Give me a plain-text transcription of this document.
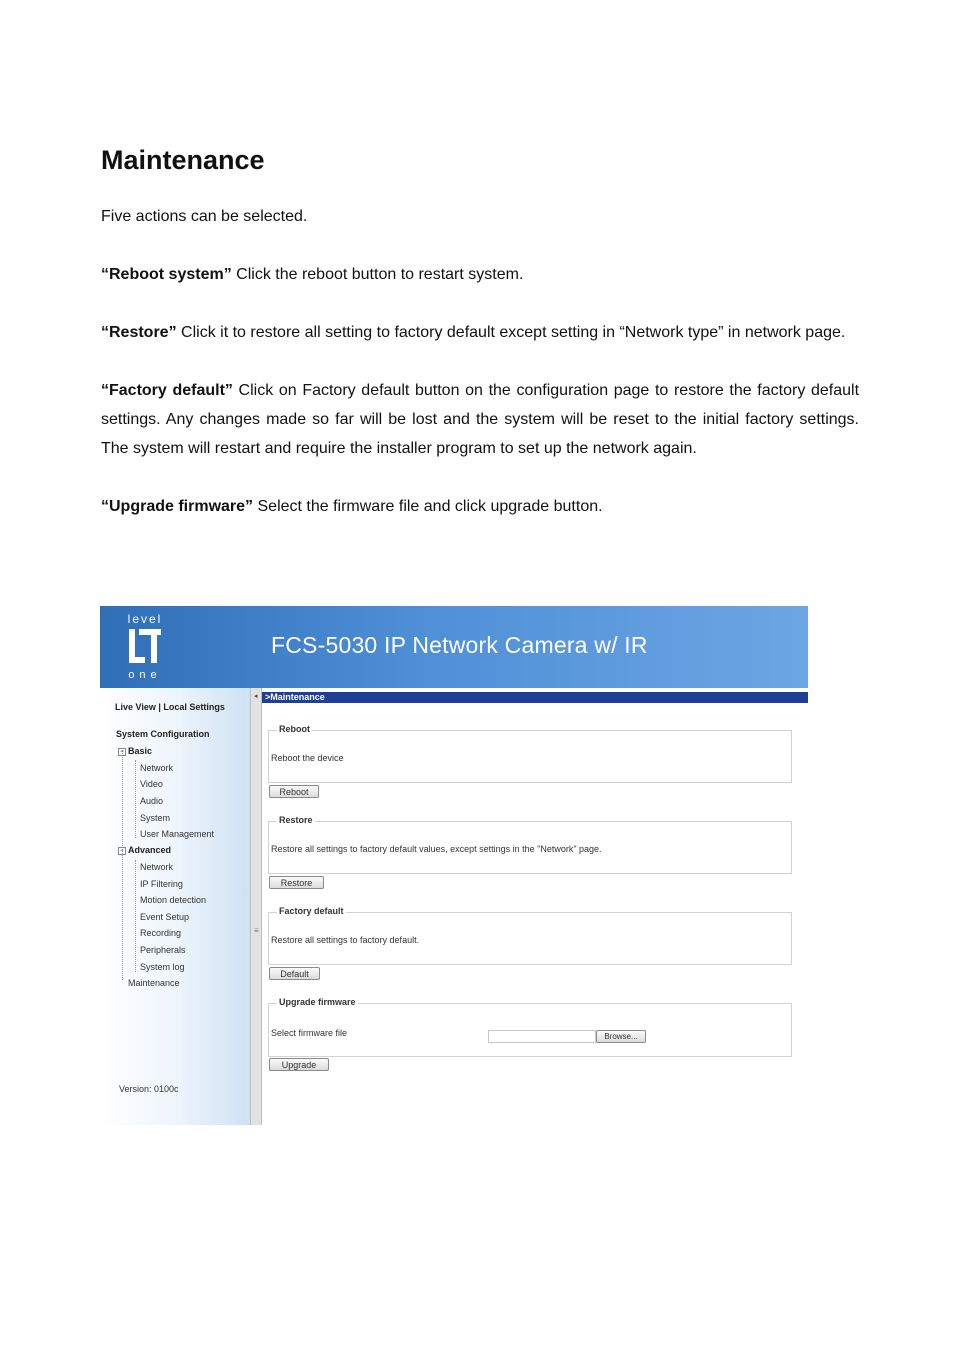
Maintenance

Five actions can be selected.

“Reboot system” Click the reboot button to restart system.

“Restore” Click it to restore all setting to factory default except setting in “Network type” in network page.

“Factory default” Click on Factory default button on the configuration page to restore the factory default settings. Any changes made so far will be lost and the system will be reset to the initial factory settings. The system will restart and require the installer program to set up the network again.

“Upgrade firmware” Select the firmware file and click upgrade button.

level
one
FCS-5030 IP Network Camera w/ IR
Live View | Local Settings
System Configuration
− Basic
Network
Video
Audio
System
User Management
− Advanced
Network
IP Filtering
Motion detection
Event Setup
Recording
Peripherals
System log
Maintenance
Version: 0100c
◂
≡
>Maintenance
Reboot
Reboot the device
Reboot
Restore
Restore all settings to factory default values, except settings in the "Network" page.
Restore
Factory default
Restore all settings to factory default.
Default
Upgrade firmware
Select firmware file	Browse...
Upgrade
